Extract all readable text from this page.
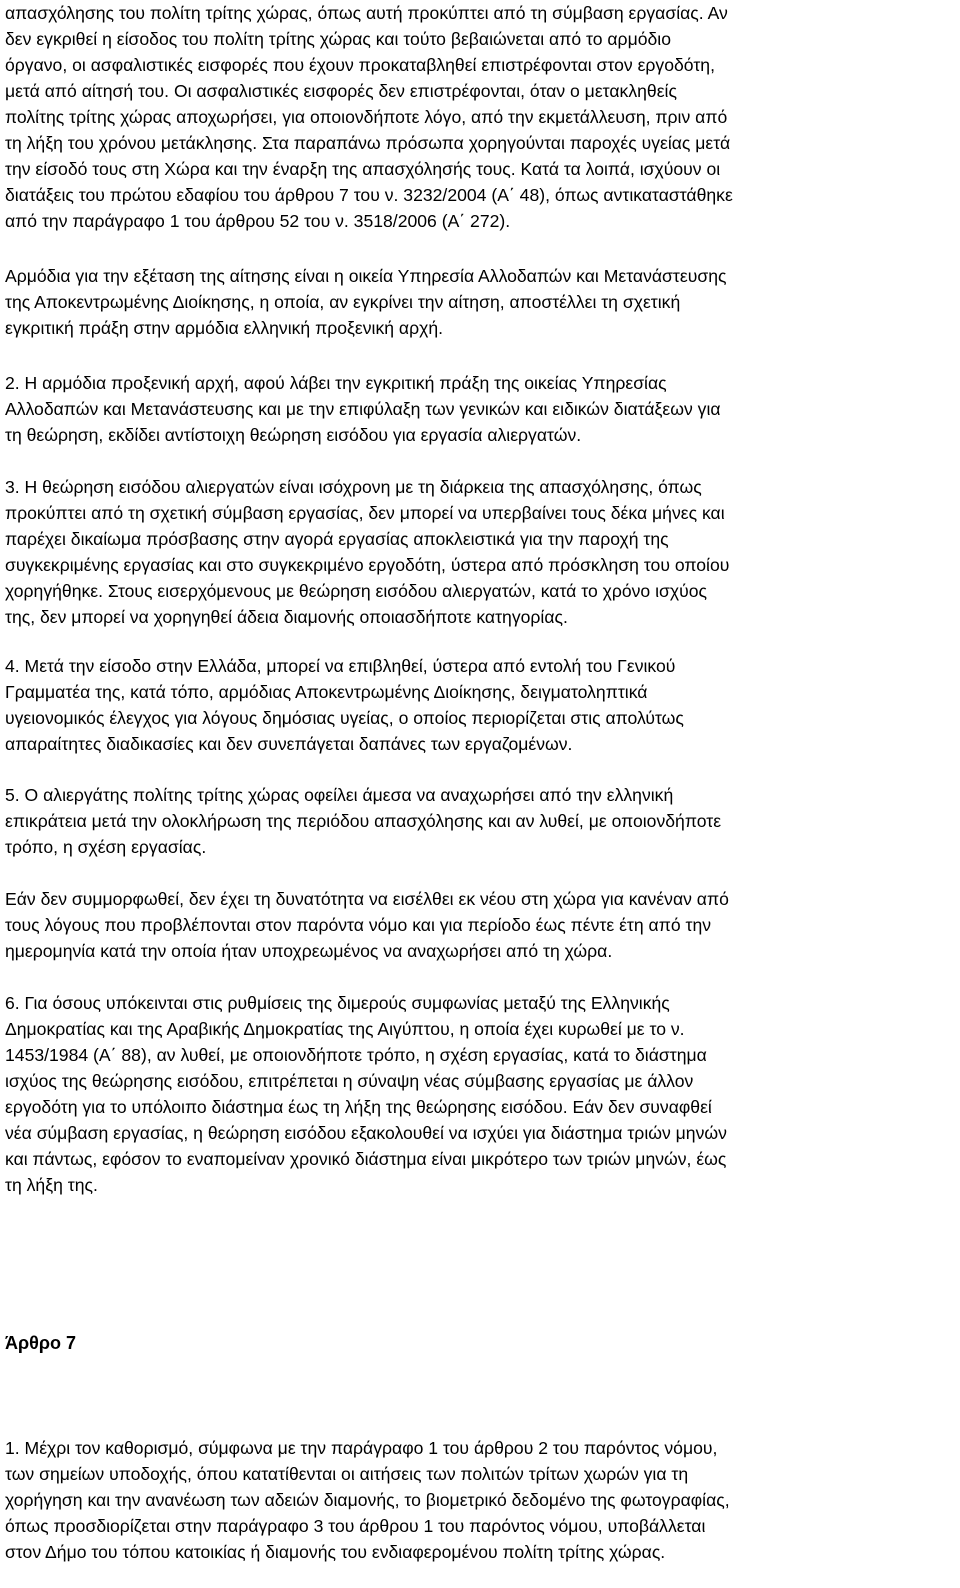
απασχόλησης του πολίτη τρίτης χώρας, όπως αυτή προκύπτει από τη σύμβαση εργασίας. Αν
δεν εγκριθεί η είσοδος του πολίτη τρίτης χώρας και τούτο βεβαιώνεται από το αρμόδιο
όργανο, οι ασφαλιστικές εισφορές που έχουν προκαταβληθεί επιστρέφονται στον εργοδότη,
μετά από αίτησή του. Οι ασφαλιστικές εισφορές δεν επιστρέφονται, όταν ο μετακληθείς
πολίτης τρίτης χώρας αποχωρήσει, για οποιονδήποτε λόγο, από την εκμετάλλευση, πριν από
τη λήξη του χρόνου μετάκλησης. Στα παραπάνω πρόσωπα χορηγούνται παροχές υγείας μετά
την είσοδό τους στη Χώρα και την έναρξη της απασχόλησής τους. Κατά τα λοιπά, ισχύουν οι
διατάξεις του πρώτου εδαφίου του άρθρου 7 του ν. 3232/2004 (Α΄ 48), όπως αντικαταστάθηκε
από την παράγραφο 1 του άρθρου 52 του ν. 3518/2006 (Α΄ 272).
Αρμόδια για την εξέταση της αίτησης είναι η οικεία Υπηρεσία Αλλοδαπών και Μετανάστευσης
της Αποκεντρωμένης Διοίκησης, η οποία, αν εγκρίνει την αίτηση, αποστέλλει τη σχετική
εγκριτική πράξη στην αρμόδια ελληνική προξενική αρχή.
2. Η αρμόδια προξενική αρχή, αφού λάβει την εγκριτική πράξη της οικείας Υπηρεσίας
Αλλοδαπών και Μετανάστευσης και με την επιφύλαξη των γενικών και ειδικών διατάξεων για
τη θεώρηση, εκδίδει αντίστοιχη θεώρηση εισόδου για εργασία αλιεργατών.
3. Η θεώρηση εισόδου αλιεργατών είναι ισόχρονη με τη διάρκεια της απασχόλησης, όπως
προκύπτει από τη σχετική σύμβαση εργασίας, δεν μπορεί να υπερβαίνει τους δέκα μήνες και
παρέχει δικαίωμα πρόσβασης στην αγορά εργασίας αποκλειστικά για την παροχή της
συγκεκριμένης εργασίας και στο συγκεκριμένο εργοδότη, ύστερα από πρόσκληση του οποίου
χορηγήθηκε. Στους εισερχόμενους με θεώρηση εισόδου αλιεργατών, κατά το χρόνο ισχύος
της, δεν μπορεί να χορηγηθεί άδεια διαμονής οποιασδήποτε κατηγορίας.
4. Μετά την είσοδο στην Ελλάδα, μπορεί να επιβληθεί, ύστερα από εντολή του Γενικού
Γραμματέα της, κατά τόπο, αρμόδιας Αποκεντρωμένης Διοίκησης, δειγματοληπτικά
υγειονομικός έλεγχος για λόγους δημόσιας υγείας, ο οποίος περιορίζεται στις απολύτως
απαραίτητες διαδικασίες και δεν συνεπάγεται δαπάνες των εργαζομένων.
5. Ο αλιεργάτης πολίτης τρίτης χώρας οφείλει άμεσα να αναχωρήσει από την ελληνική
επικράτεια μετά την ολοκλήρωση της περιόδου απασχόλησης και αν λυθεί, με οποιονδήποτε
τρόπο, η σχέση εργασίας.
Εάν δεν συμμορφωθεί, δεν έχει τη δυνατότητα να εισέλθει εκ νέου στη χώρα για κανέναν από
τους λόγους που προβλέπονται στον παρόντα νόμο και για περίοδο έως πέντε έτη από την
ημερομηνία κατά την οποία ήταν υποχρεωμένος να αναχωρήσει από τη χώρα.
6. Για όσους υπόκεινται στις ρυθμίσεις της διμερούς συμφωνίας μεταξύ της Ελληνικής
Δημοκρατίας και της Αραβικής Δημοκρατίας της Αιγύπτου, η οποία έχει κυρωθεί με το ν.
1453/1984 (Α΄ 88), αν λυθεί, με οποιονδήποτε τρόπο, η σχέση εργασίας, κατά το διάστημα
ισχύος της θεώρησης εισόδου, επιτρέπεται η σύναψη νέας σύμβασης εργασίας με άλλον
εργοδότη για το υπόλοιπο διάστημα έως τη λήξη της θεώρησης εισόδου. Εάν δεν συναφθεί
νέα σύμβαση εργασίας, η θεώρηση εισόδου εξακολουθεί να ισχύει για διάστημα τριών μηνών
και πάντως, εφόσον το εναπομείναν χρονικό διάστημα είναι μικρότερο των τριών μηνών, έως
τη λήξη της.
Άρθρο 7
1. Μέχρι τον καθορισμό, σύμφωνα με την παράγραφο 1 του άρθρου 2 του παρόντος νόμου,
των σημείων υποδοχής, όπου κατατίθενται οι αιτήσεις των πολιτών τρίτων χωρών για τη
χορήγηση και την ανανέωση των αδειών διαμονής, το βιομετρικό δεδομένο της φωτογραφίας,
όπως προσδιορίζεται στην παράγραφο 3 του άρθρου 1 του παρόντος νόμου, υποβάλλεται
στον Δήμο του τόπου κατοικίας ή διαμονής του ενδιαφερομένου πολίτη τρίτης χώρας.
